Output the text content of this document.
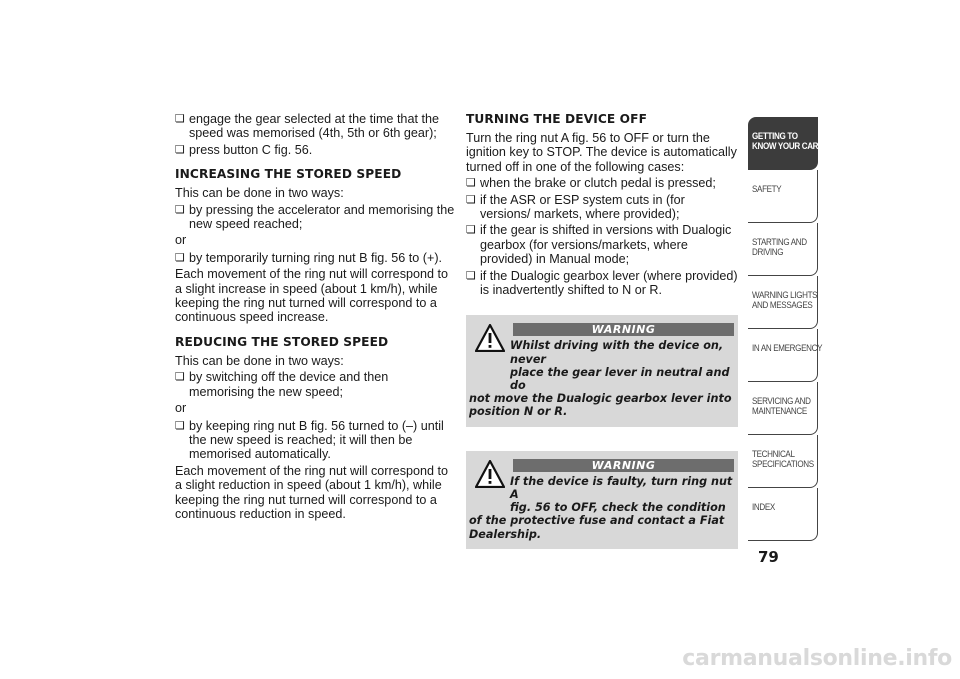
❏ engage the gear selected at the time that the speed was memorised (4th, 5th or 6th gear);

❏ press button C fig. 56.

INCREASING THE STORED SPEED

This can be done in two ways:

❏ by pressing the accelerator and memorising the new speed reached;

or

❏ by temporarily turning ring nut B fig. 56 to (+).

Each movement of the ring nut will correspond to a slight increase in speed (about 1 km/h), while keeping the ring nut turned will correspond to a continuous speed increase.

REDUCING THE STORED SPEED

This can be done in two ways:

❏ by switching off the device and then memorising the new speed;

or

❏ by keeping ring nut B fig. 56 turned to (–) until the new speed is reached; it will then be memorised automatically.

Each movement of the ring nut will correspond to a slight reduction in speed (about 1 km/h), while keeping the ring nut turned will correspond to a continuous reduction in speed.

TURNING THE DEVICE OFF

Turn the ring nut A fig. 56 to OFF or turn the ignition key to STOP. The device is automatically turned off in one of the following cases:

❏ when the brake or clutch pedal is pressed;

❏ if the ASR or ESP system cuts in (for versions/ markets, where provided);

❏ if the gear is shifted in versions with Dualogic gearbox (for versions/markets, where provided) in Manual mode;

❏ if the Dualogic gearbox lever (where provided) is inadvertently shifted to N or R.

WARNING
Whilst driving with the device on, never
place the gear lever in neutral and do
not move the Dualogic gearbox lever into position N or R.
WARNING
If the device is faulty, turn ring nut A
fig. 56 to OFF, check the condition
of the protective fuse and contact a Fiat Dealership.
GETTING TO
KNOW YOUR CAR
SAFETY
STARTING AND
DRIVING
WARNING LIGHTS
AND MESSAGES
IN AN EMERGENCY
SERVICING AND
MAINTENANCE
TECHNICAL
SPECIFICATIONS
INDEX
79
carmanualsonline.info
